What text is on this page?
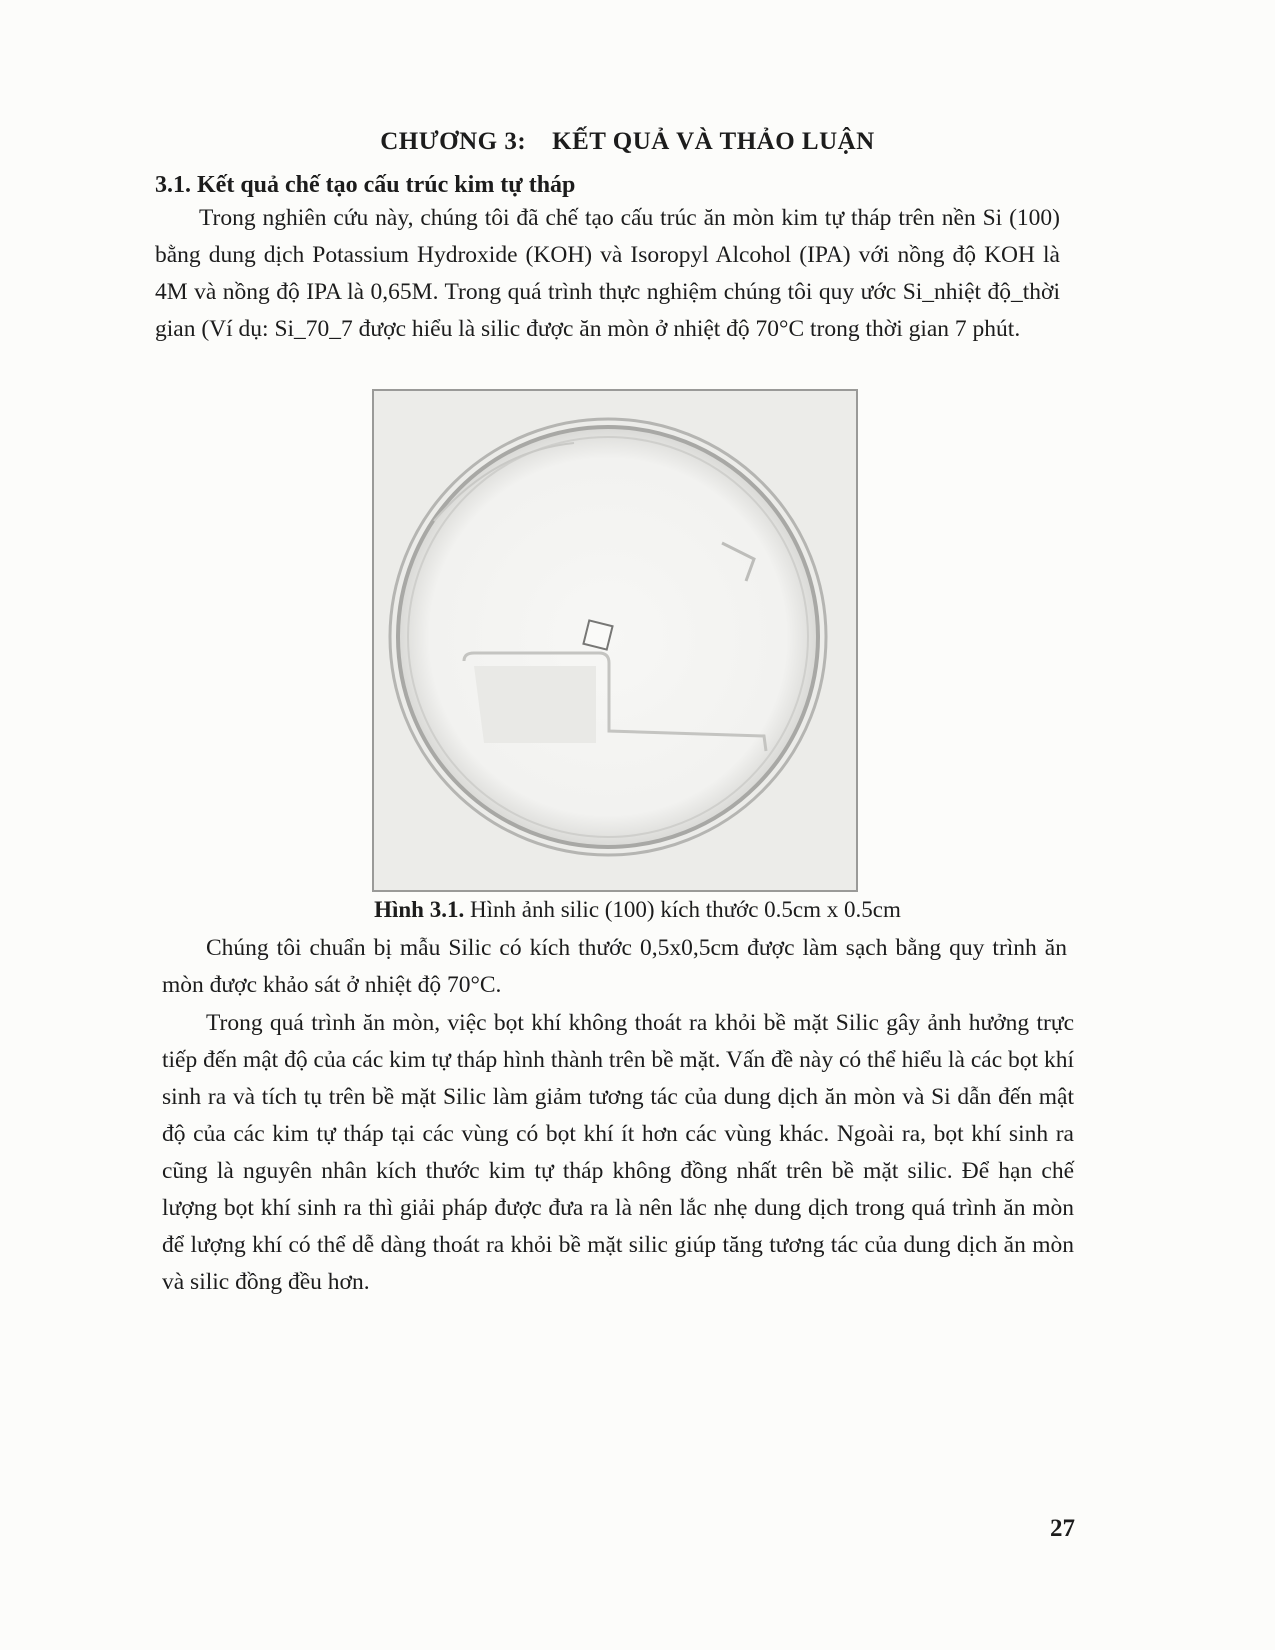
CHƯƠNG 3: KẾT QUẢ VÀ THẢO LUẬN
3.1. Kết quả chế tạo cấu trúc kim tự tháp

Trong nghiên cứu này, chúng tôi đã chế tạo cấu trúc ăn mòn kim tự tháp trên nền Si (100) bằng dung dịch Potassium Hydroxide (KOH) và Isoropyl Alcohol (IPA) với nồng độ KOH là 4M và nồng độ IPA là 0,65M. Trong quá trình thực nghiệm chúng tôi quy ước Si_nhiệt độ_thời gian (Ví dụ: Si_70_7 được hiểu là silic được ăn mòn ở nhiệt độ 70°C trong thời gian 7 phút.

Hình 3.1. Hình ảnh silic (100) kích thước 0.5cm x 0.5cm

Chúng tôi chuẩn bị mẫu Silic có kích thước 0,5x0,5cm được làm sạch bằng quy trình ăn mòn được khảo sát ở nhiệt độ 70°C.

Trong quá trình ăn mòn, việc bọt khí không thoát ra khỏi bề mặt Silic gây ảnh hưởng trực tiếp đến mật độ của các kim tự tháp hình thành trên bề mặt. Vấn đề này có thể hiểu là các bọt khí sinh ra và tích tụ trên bề mặt Silic làm giảm tương tác của dung dịch ăn mòn và Si dẫn đến mật độ của các kim tự tháp tại các vùng có bọt khí ít hơn các vùng khác. Ngoài ra, bọt khí sinh ra cũng là nguyên nhân kích thước kim tự tháp không đồng nhất trên bề mặt silic. Để hạn chế lượng bọt khí sinh ra thì giải pháp được đưa ra là nên lắc nhẹ dung dịch trong quá trình ăn mòn để lượng khí có thể dễ dàng thoát ra khỏi bề mặt silic giúp tăng tương tác của dung dịch ăn mòn và silic đồng đều hơn.

27
